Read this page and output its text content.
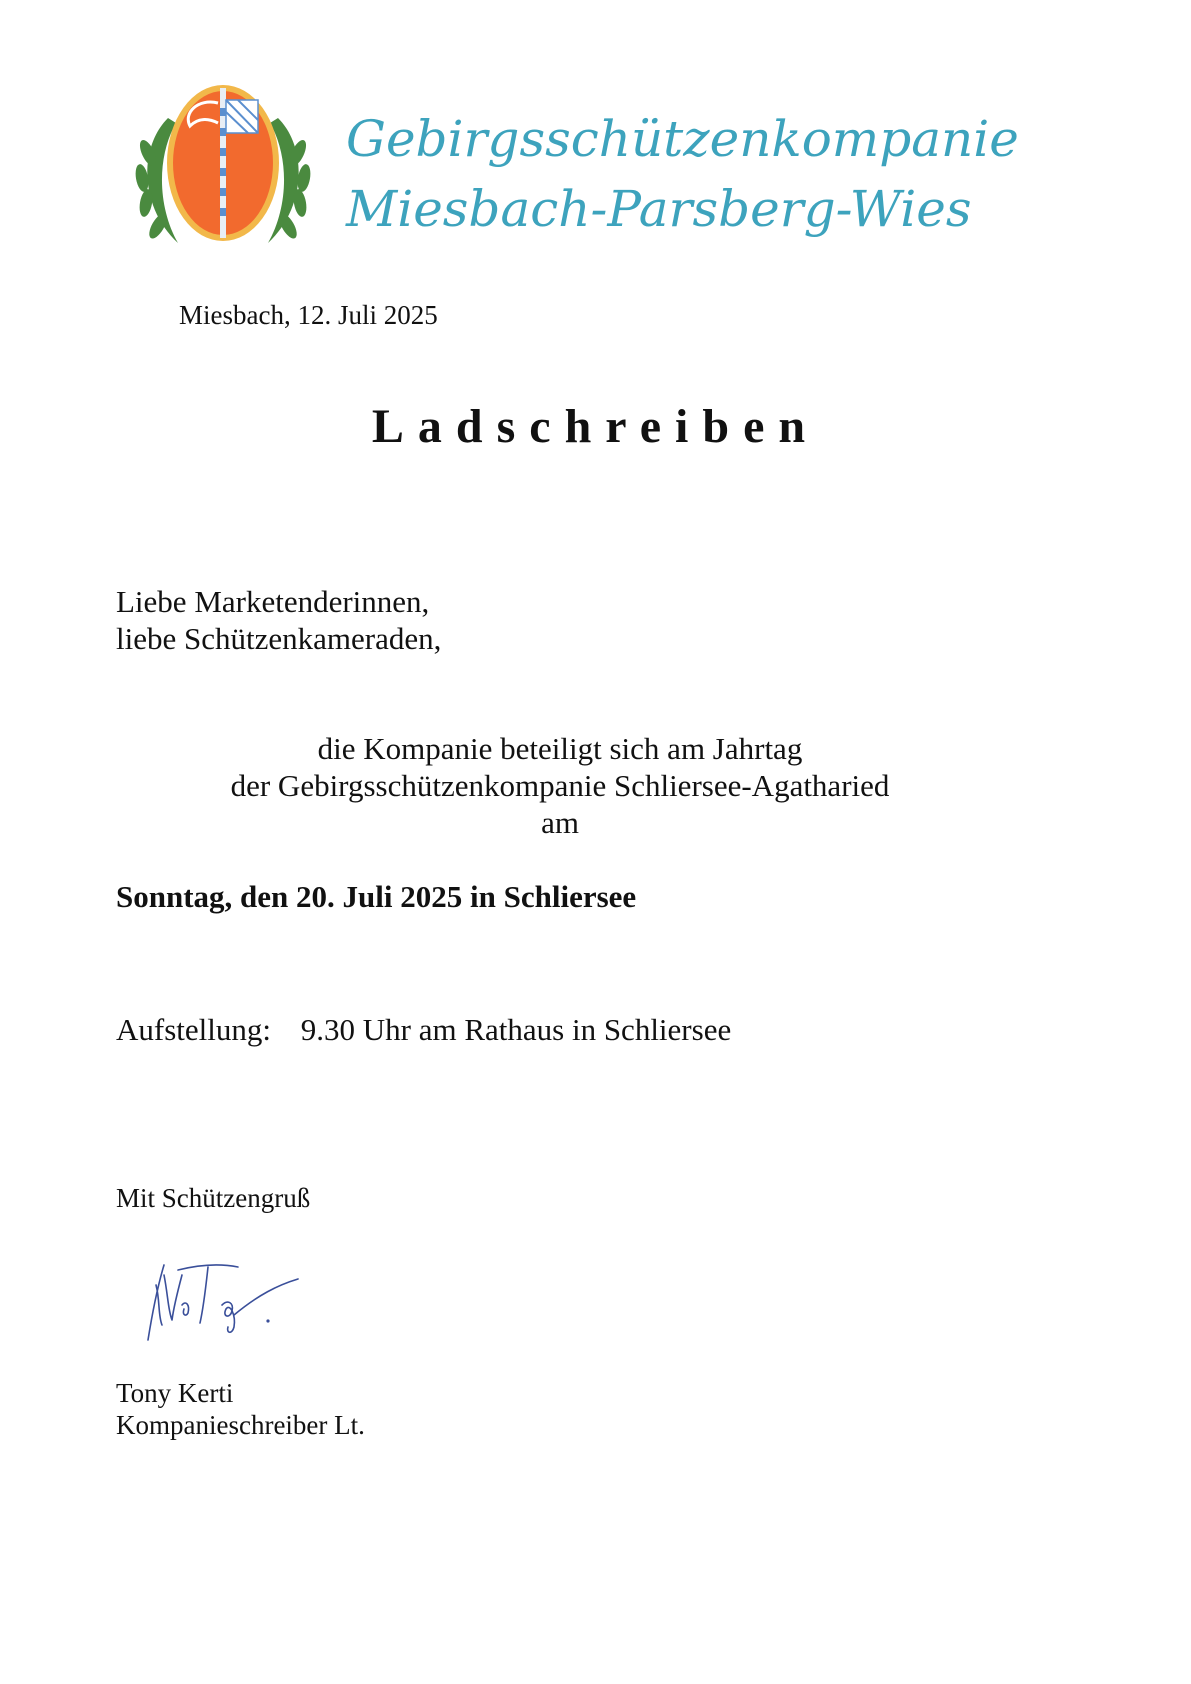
Gebirgsschützenkompanie
Miesbach-Parsberg-Wies
Miesbach, 12. Juli 2025
Ladschreiben
Liebe Marketenderinnen,
liebe Schützenkameraden,
die Kompanie beteiligt sich am Jahrtag
der Gebirgsschützenkompanie Schliersee-Agatharied
am
Sonntag, den 20. Juli 2025 in Schliersee
Aufstellung: 9.30 Uhr am Rathaus in Schliersee
Mit Schützengruß
Tony Kerti
Kompanieschreiber Lt.
